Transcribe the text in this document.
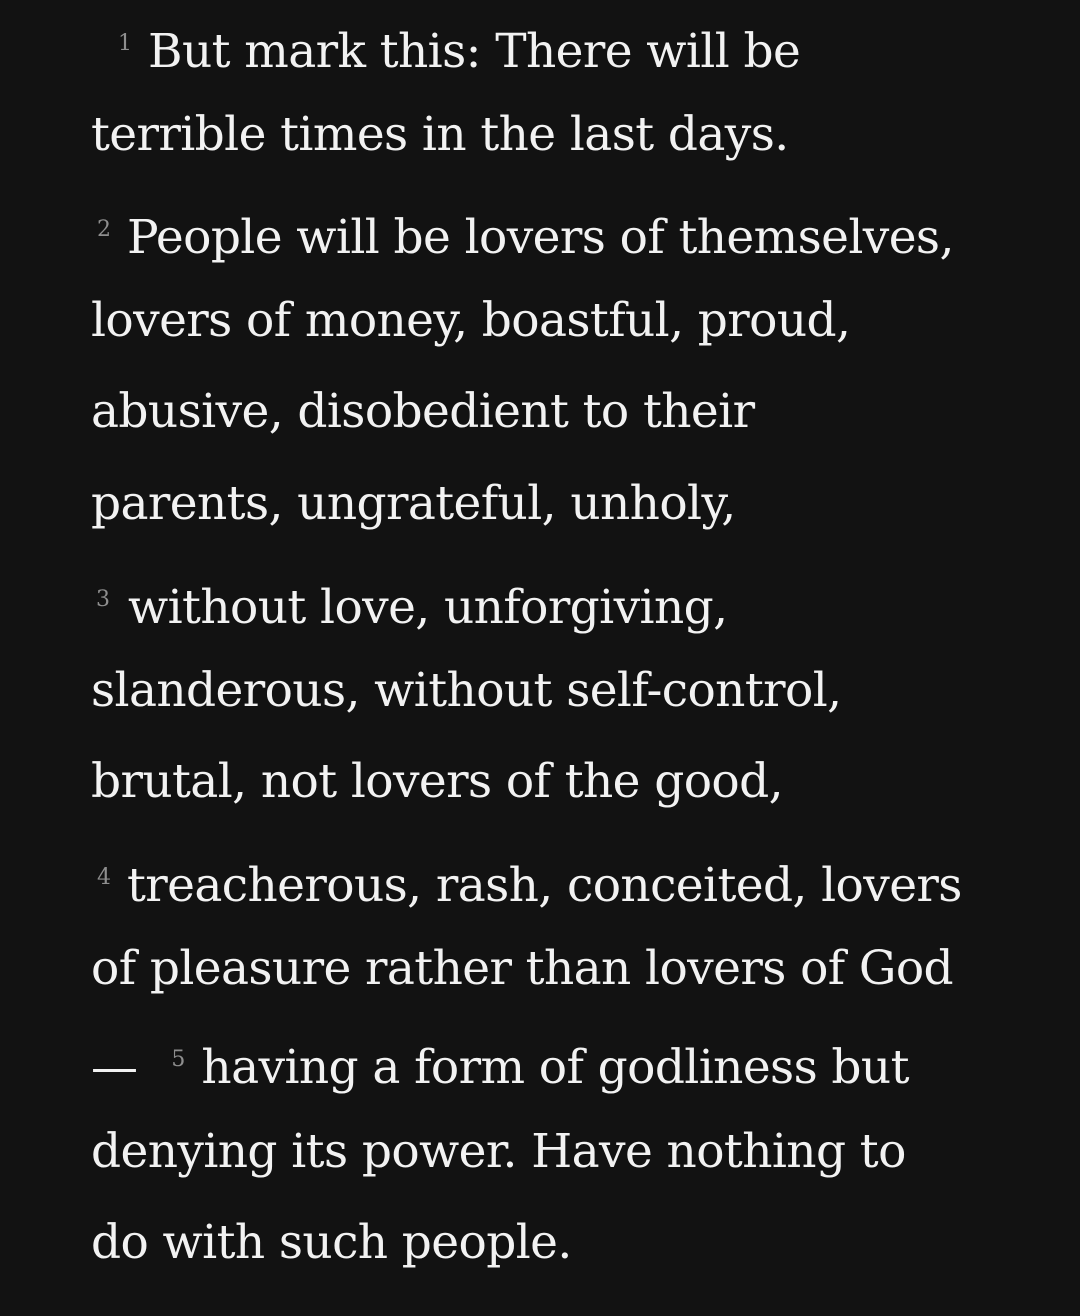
1 But mark this: There will be
terrible times in the last days.
2 People will be lovers of themselves,
lovers of money, boastful, proud,
abusive, disobedient to their
parents, ungrateful, unholy,
3 without love, unforgiving,
slanderous, without self-control,
brutal, not lovers of the good,
4 treacherous, rash, conceited, lovers
of pleasure rather than lovers of God
— 5 having a form of godliness but
denying its power. Have nothing to
do with such people.
